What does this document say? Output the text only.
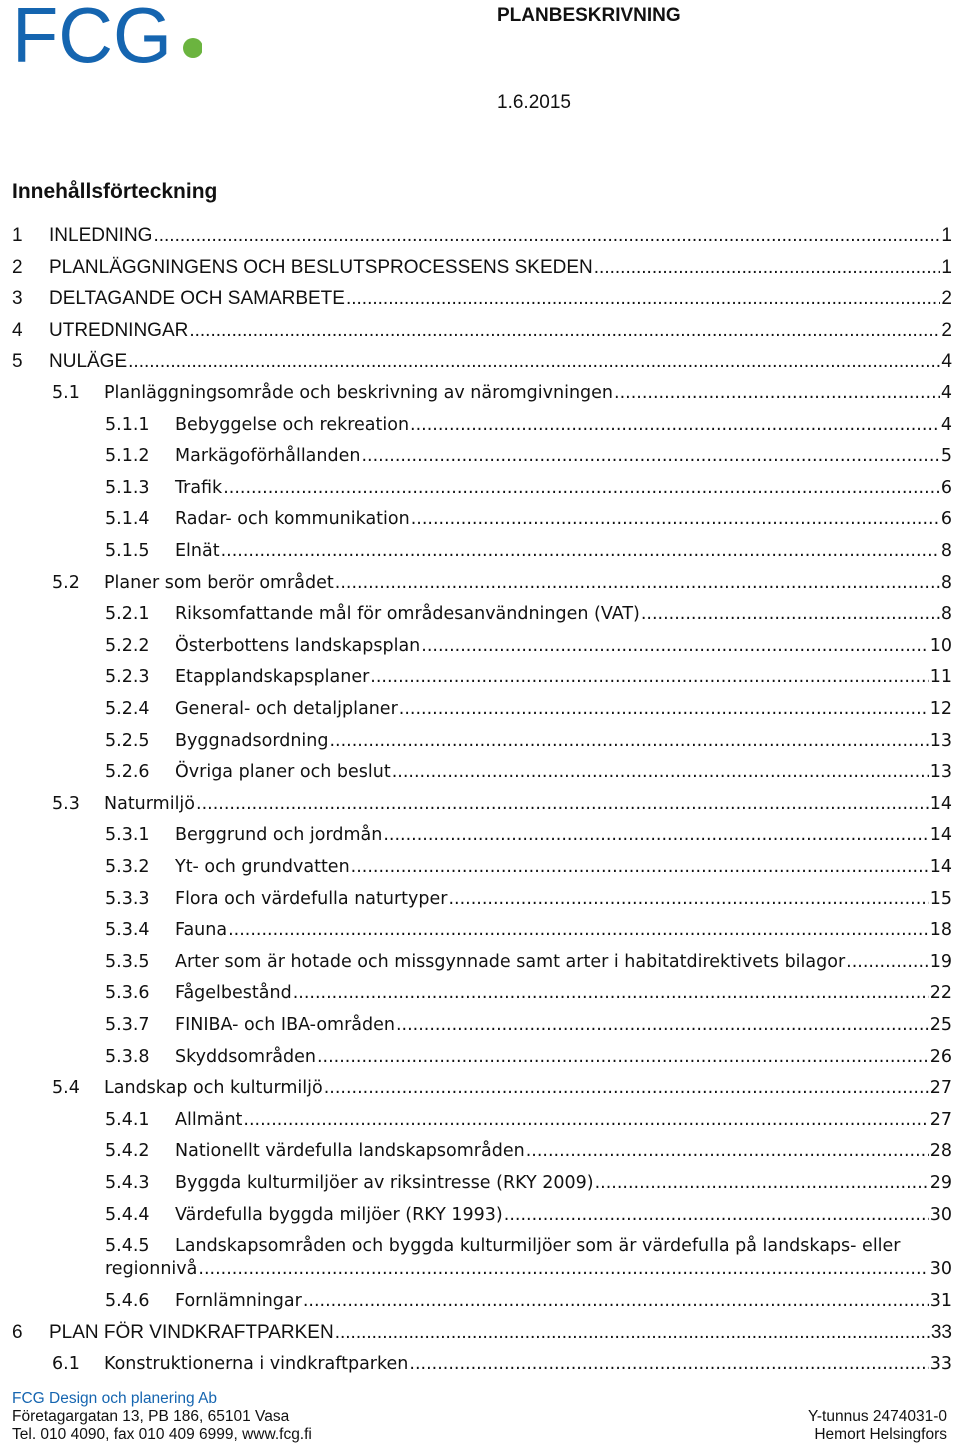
FCG	PLANBESKRIVNING
1.6.2015
Innehållsförteckning
1	INLEDNING .....	1
2	PLANLÄGGNINGENS OCH BESLUTSPROCESSENS SKEDEN .....	1
3	DELTAGANDE OCH SAMARBETE .....	2
4	UTREDNINGAR .....	2
5	NULÄGE .....	4
5.1	Planläggningsområde och beskrivning av näromgivningen .....	4
5.1.1	Bebyggelse och rekreation .....	4
5.1.2	Markägoförhållanden .....	5
5.1.3	Trafik .....	6
5.1.4	Radar- och kommunikation .....	6
5.1.5	Elnät .....	8
5.2	Planer som berör området .....	8
5.2.1	Riksomfattande mål för områdesanvändningen (VAT) .....	8
5.2.2	Österbottens landskapsplan .....	10
5.2.3	Etapplandskapsplaner .....	11
5.2.4	General- och detaljplaner .....	12
5.2.5	Byggnadsordning .....	13
5.2.6	Övriga planer och beslut .....	13
5.3	Naturmiljö .....	14
5.3.1	Berggrund och jordmån .....	14
5.3.2	Yt- och grundvatten .....	14
5.3.3	Flora och värdefulla naturtyper .....	15
5.3.4	Fauna .....	18
5.3.5	Arter som är hotade och missgynnade samt arter i habitatdirektivets bilagor .....	19
5.3.6	Fågelbestånd .....	22
5.3.7	FINIBA- och IBA-områden .....	25
5.3.8	Skyddsområden .....	26
5.4	Landskap och kulturmiljö .....	27
5.4.1	Allmänt .....	27
5.4.2	Nationellt värdefulla landskapsområden .....	28
5.4.3	Byggda kulturmiljöer av riksintresse (RKY 2009) .....	29
5.4.4	Värdefulla byggda miljöer (RKY 1993) .....	30
5.4.5	Landskapsområden och byggda kulturmiljöer som är värdefulla på landskaps- eller
regionnivå .....	30
5.4.6	Fornlämningar .....	31
6	PLAN FÖR VINDKRAFTPARKEN .....	33
6.1	Konstruktionerna i vindkraftparken .....	33
FCG Design och planering Ab
Företagargatan 13, PB 186, 65101 Vasa	Y-tunnus 2474031-0
Tel. 010 4090, fax 010 409 6999, www.fcg.fi	Hemort Helsingfors
